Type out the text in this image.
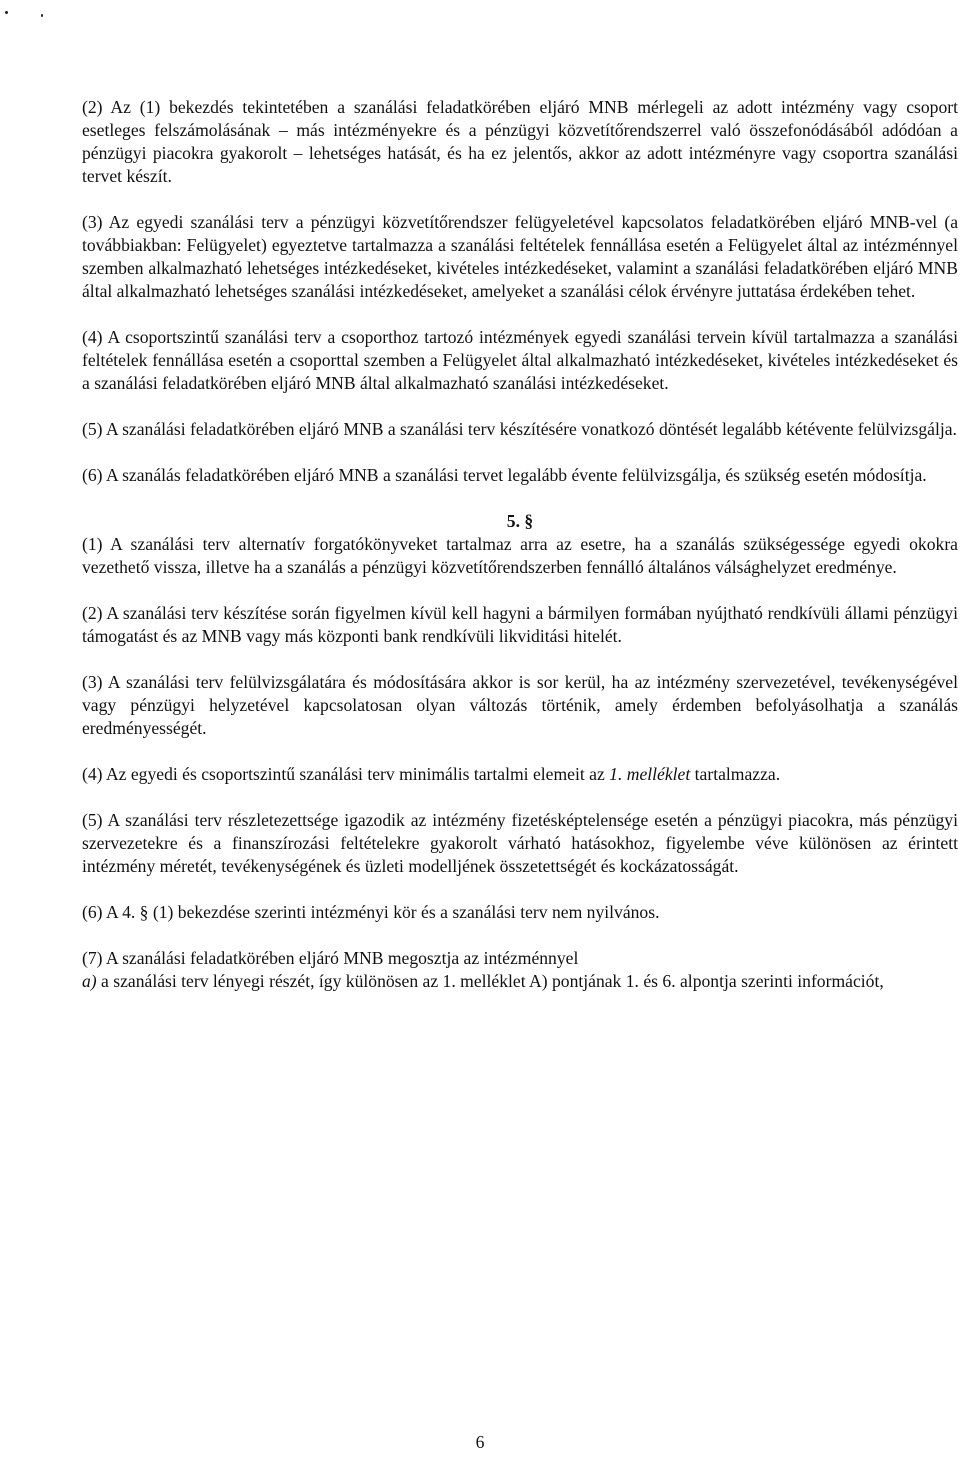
(2) Az (1) bekezdés tekintetében a szanálási feladatkörében eljáró MNB mérlegeli az adott intézmény vagy csoport esetleges felszámolásának – más intézményekre és a pénzügyi közvetítőrendszerrel való összefonódásából adódóan a pénzügyi piacokra gyakorolt – lehetséges hatását, és ha ez jelentős, akkor az adott intézményre vagy csoportra szanálási tervet készít.

(3) Az egyedi szanálási terv a pénzügyi közvetítőrendszer felügyeletével kapcsolatos feladatkörében eljáró MNB-vel (a továbbiakban: Felügyelet) egyeztetve tartalmazza a szanálási feltételek fennállása esetén a Felügyelet által az intézménnyel szemben alkalmazható lehetséges intézkedéseket, kivételes intézkedéseket, valamint a szanálási feladatkörében eljáró MNB által alkalmazható lehetséges szanálási intézkedéseket, amelyeket a szanálási célok érvényre juttatása érdekében tehet.

(4) A csoportszintű szanálási terv a csoporthoz tartozó intézmények egyedi szanálási tervein kívül tartalmazza a szanálási feltételek fennállása esetén a csoporttal szemben a Felügyelet által alkalmazható intézkedéseket, kivételes intézkedéseket és a szanálási feladatkörében eljáró MNB által alkalmazható szanálási intézkedéseket.

(5) A szanálási feladatkörében eljáró MNB a szanálási terv készítésére vonatkozó döntését legalább kétévente felülvizsgálja.

(6) A szanálás feladatkörében eljáró MNB a szanálási tervet legalább évente felülvizsgálja, és szükség esetén módosítja.

5. §

(1) A szanálási terv alternatív forgatókönyveket tartalmaz arra az esetre, ha a szanálás szükségessége egyedi okokra vezethető vissza, illetve ha a szanálás a pénzügyi közvetítőrendszerben fennálló általános válsághelyzet eredménye.

(2) A szanálási terv készítése során figyelmen kívül kell hagyni a bármilyen formában nyújtható rendkívüli állami pénzügyi támogatást és az MNB vagy más központi bank rendkívüli likviditási hitelét.

(3) A szanálási terv felülvizsgálatára és módosítására akkor is sor kerül, ha az intézmény szervezetével, tevékenységével vagy pénzügyi helyzetével kapcsolatosan olyan változás történik, amely érdemben befolyásolhatja a szanálás eredményességét.

(4) Az egyedi és csoportszintű szanálási terv minimális tartalmi elemeit az 1. melléklet tartalmazza.

(5) A szanálási terv részletezettsége igazodik az intézmény fizetésképtelensége esetén a pénzügyi piacokra, más pénzügyi szervezetekre és a finanszírozási feltételekre gyakorolt várható hatásokhoz, figyelembe véve különösen az érintett intézmény méretét, tevékenységének és üzleti modelljének összetettségét és kockázatosságát.

(6) A 4. § (1) bekezdése szerinti intézményi kör és a szanálási terv nem nyilvános.

(7) A szanálási feladatkörében eljáró MNB megosztja az intézménnyel

a) a szanálási terv lényegi részét, így különösen az 1. melléklet A) pontjának 1. és 6. alpontja szerinti információt,

6
